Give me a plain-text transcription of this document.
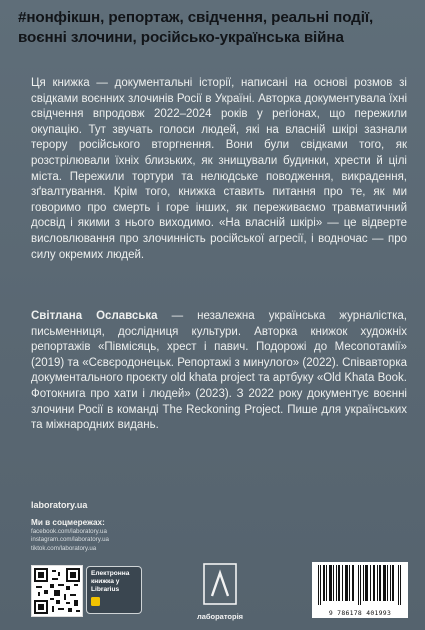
#нонфікшн, репортаж, свідчення, реальні події, воєнні злочини, російсько-українська війна
Ця книжка — документальні історії, написані на основі розмов зі свідками воєнних злочинів Росії в Україні. Авторка документувала їхні свідчення впродовж 2022–2024 років у регіонах, що пережили окупацію. Тут звучать голоси людей, які на власній шкірі зазнали терору російського вторгнення. Вони були свідками того, як розстрілювали їхніх близьких, як знищували будинки, хрести й цілі міста. Пережили тортури та нелюдське поводження, викрадення, зґвалтування. Крім того, книжка ставить питання про те, як ми говоримо про смерть і горе інших, як переживаємо травматичний досвід і якими з нього виходимо. «На власній шкірі» — це відверте висловлювання про злочинність російської агресії, і водночас — про силу окремих людей.
Світлана Ославська — незалежна українська журналістка, письменниця, дослідниця культури. Авторка книжок художніх репортажів «Півмісяць, хрест і павич. Подорожі до Месопотамії» (2019) та «Сєвєродонецьк. Репортажі з минулого» (2022). Співавторка документального проєкту old khata project та артбуку «Old Khata Book. Фотокнига про хати і людей» (2023). З 2022 року документує воєнні злочини Росії в команді The Reckoning Project. Пише для українських та міжнародних видань.
laboratory.ua
Ми в соцмережах:
facebook.com/laboratory.ua
instagram.com/laboratory.ua
tiktok.com/laboratory.ua
Електронна книжка у Librarius
лабораторія	9 786178 401993
